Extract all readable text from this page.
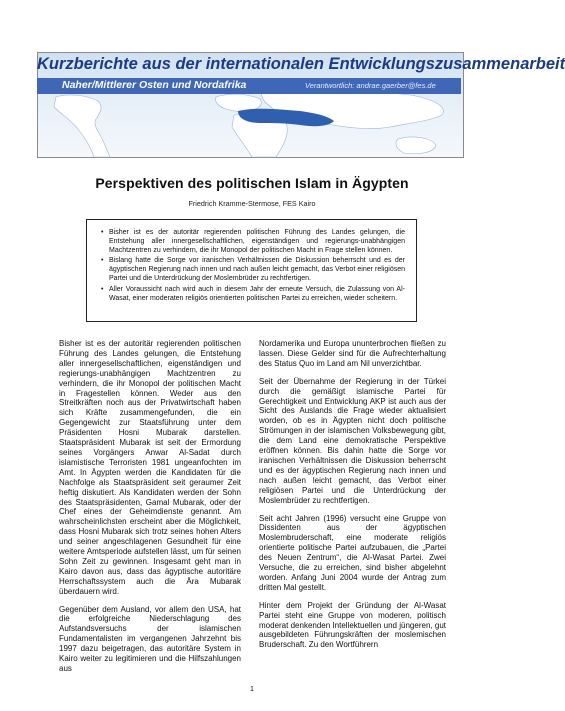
Kurzberichte aus der internationalen Entwicklungszusammenarbeit
Naher/Mittlerer Osten und Nordafrika	Verantwortlich: andrae.gaerber@fes.de
Perspektiven des politischen Islam in Ägypten
Friedrich Kramme-Stermose, FES Kairo
• Bisher ist es der autoritär regierenden politischen Führung des Landes gelungen, die Entstehung aller innergesellschaftlichen, eigenständigen und regierungs-unabhängigen Machtzentren zu verhindern, die ihr Monopol der politischen Macht in Frage stellen können.
• Bislang hatte die Sorge vor iranischen Verhältnissen die Diskussion beherrscht und es der ägyptischen Regierung nach innen und nach außen leicht gemacht, das Verbot einer religiösen Partei und die Unterdrückung der Moslembrüder zu rechtfertigen.
• Aller Voraussicht nach wird auch in diesem Jahr der erneute Versuch, die Zulassung von Al-Wasat, einer moderaten religiös orientierten politischen Partei zu erreichen, wieder scheitern.

Bisher ist es der autoritär regierenden politischen Führung des Landes gelungen, die Entstehung aller innergesellschaftlichen, eigenständigen und regierungs-unabhängigen Machtzentren zu verhindern, die ihr Monopol der politischen Macht in Fragestellen können. Weder aus den Streitkräften noch aus der Privatwirtschaft haben sich Kräfte zusammengefunden, die ein Gegengewicht zur Staatsführung unter dem Präsidenten Hosni Mubarak darstellen. Staatspräsident Mubarak ist seit der Ermordung seines Vorgängers Anwar Al-Sadat durch islamistische Terroristen 1981 ungeanfochten im Amt. In Ägypten werden die Kandidaten für die Nachfolge als Staatspräsident seit geraumer Zeit heftig diskutiert. Als Kandidaten werden der Sohn des Staatspräsidenten, Gamal Mubarak, oder der Chef eines der Geheimdienste genannt. Am wahrscheinlichsten erscheint aber die Möglichkeit, dass Hosni Mubarak sich trotz seines hohen Alters und seiner angeschlagenen Gesundheit für eine weitere Amtsperiode aufstellen lässt, um für seinen Sohn Zeit zu gewinnen. Insgesamt geht man in Kairo davon aus, dass das ägyptische autoritäre Herrschaftssystem auch die Ära Mubarak überdauern wird.

Gegenüber dem Ausland, vor allem den USA, hat die erfolgreiche Niederschlagung des Aufstandsversuchs der islamischen Fundamentalisten im vergangenen Jahrzehnt bis 1997 dazu beigetragen, das autoritäre System in Kairo weiter zu legitimieren und die Hilfszahlungen aus

Nordamerika und Europa ununterbrochen fließen zu lassen. Diese Gelder sind für die Aufrechterhaltung des Status Quo im Land am Nil unverzichtbar.

Seit der Übernahme der Regierung in der Türkei durch die gemäßigt islamische Partei für Gerechtigkeit und Entwicklung AKP ist auch aus der Sicht des Auslands die Frage wieder aktualisiert worden, ob es in Ägypten nicht doch politische Strömungen in der islamischen Volksbewegung gibt, die dem Land eine demokratische Perspektive eröffnen können. Bis dahin hatte die Sorge vor iranischen Verhältnissen die Diskussion beherrscht und es der ägyptischen Regierung nach innen und nach außen leicht gemacht, das Verbot einer religiösen Partei und die Unterdrückung der Moslembrüder zu rechtfertigen.

Seit acht Jahren (1996) versucht eine Gruppe von Dissidenten aus der ägyptischen Moslembruderschaft, eine moderate religiös orientierte politische Partei aufzubauen, die „Partei des Neuen Zentrum“, die Al-Wasat Partei. Zwei Versuche, die zu erreichen, sind bisher abgelehnt worden. Anfang Juni 2004 wurde der Antrag zum dritten Mal gestellt.

Hinter dem Projekt der Gründung der Al-Wasat Partei steht eine Gruppe von moderen, politisch moderat denkenden Intellektuellen und jüngeren, gut ausgebildeten Führungskräften der moslemischen Bruderschaft. Zu den Wortführern

1
